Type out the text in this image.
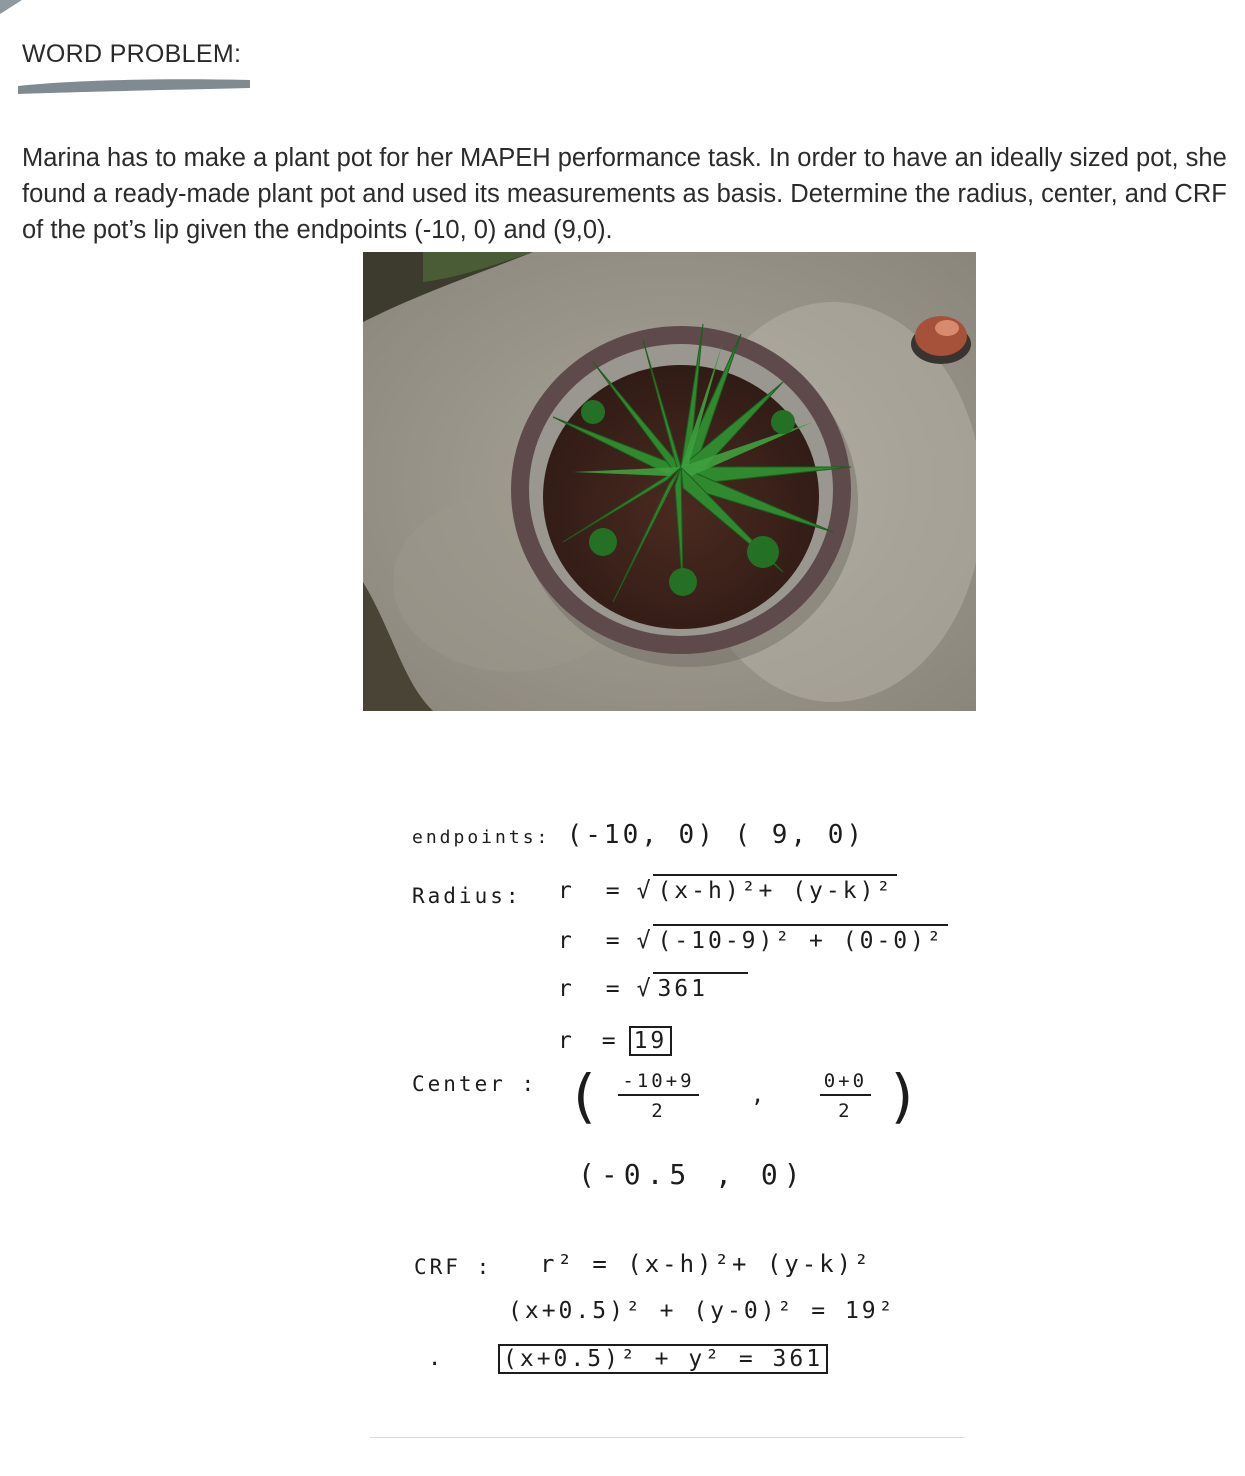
WORD PROBLEM:

Marina has to make a plant pot for her MAPEH performance task. In order to have an ideally sized pot, she found a ready-made plant pot and used its measurements as basis. Determine the radius, center, and CRF of the pot’s lip given the endpoints (-10, 0) and (9,0).

endpoints: (-10, 0) ( 9, 0)
Radius: r = √ (x-h)²+ (y-k)²
r = √ (-10-9)² + (0-0)²
r = √ 361
r = 19
Center : ( $\frac{-10+9}{2}$ ,	$\frac{0+0}{2}$ )
(-0.5 , 0)
CRF : r² = (x-h)²+ (y-k)²
(x+0.5)² + (y-0)² = 19²
.	(x+0.5)² + y² = 361
